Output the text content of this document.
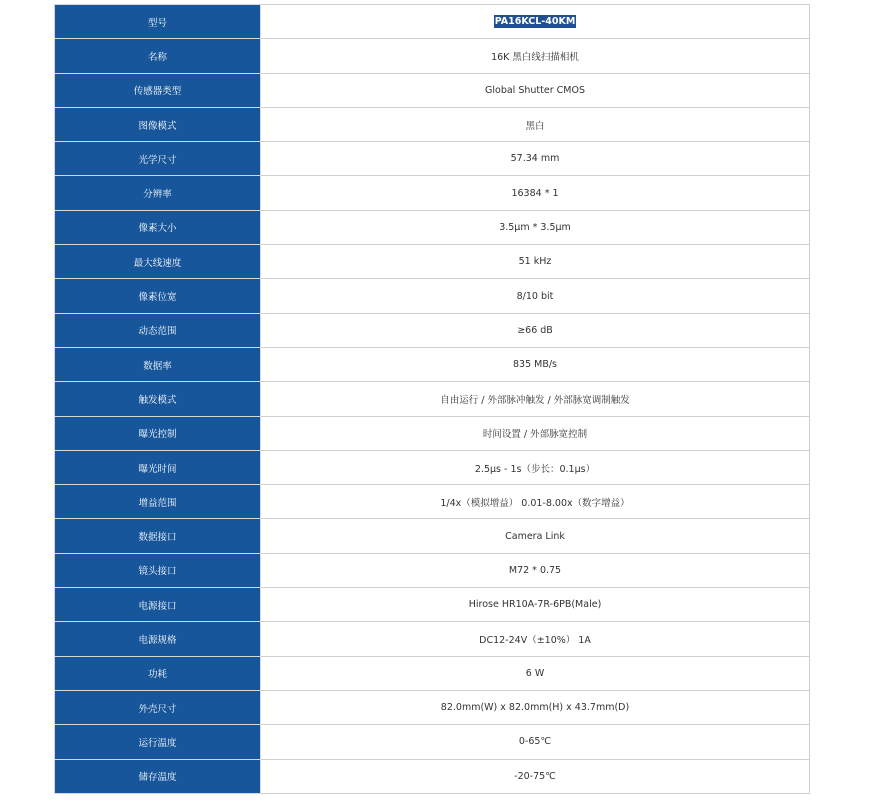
型号	PA16KCL-40KM
名称	16K 黑白线扫描相机
传感器类型	Global Shutter CMOS
图像模式	黑白
光学尺寸	57.34 mm
分辨率	16384 * 1
像素大小	3.5μm * 3.5μm
最大线速度	51 kHz
像素位宽	8/10 bit
动态范围	≥66 dB
数据率	835 MB/s
触发模式	自由运行 / 外部脉冲触发 / 外部脉宽调制触发
曝光控制	时间设置 / 外部脉宽控制
曝光时间	2.5μs - 1s（步长：0.1μs）
增益范围	1/4x（模拟增益） 0.01-8.00x（数字增益）
数据接口	Camera Link
镜头接口	M72 * 0.75
电源接口	Hirose HR10A-7R-6PB(Male)
电源规格	DC12-24V（±10%） 1A
功耗	6 W
外壳尺寸	82.0mm(W) x 82.0mm(H) x 43.7mm(D)
运行温度	0-65℃
储存温度	-20-75℃
